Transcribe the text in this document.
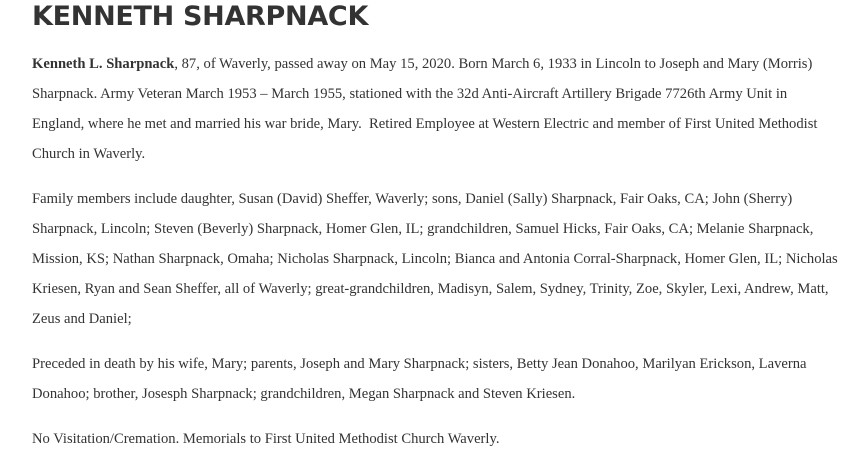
KENNETH SHARPNACK

Kenneth L. Sharpnack, 87, of Waverly, passed away on May 15, 2020. Born March 6, 1933 in Lincoln to Joseph and Mary (Morris) Sharpnack. Army Veteran March 1953 – March 1955, stationed with the 32d Anti-Aircraft Artillery Brigade 7726th Army Unit in England, where he met and married his war bride, Mary.  Retired Employee at Western Electric and member of First United Methodist Church in Waverly.

Family members include daughter, Susan (David) Sheffer, Waverly; sons, Daniel (Sally) Sharpnack, Fair Oaks, CA; John (Sherry) Sharpnack, Lincoln; Steven (Beverly) Sharpnack, Homer Glen, IL; grandchildren, Samuel Hicks, Fair Oaks, CA; Melanie Sharpnack, Mission, KS; Nathan Sharpnack, Omaha; Nicholas Sharpnack, Lincoln; Bianca and Antonia Corral-Sharpnack, Homer Glen, IL; Nicholas Kriesen, Ryan and Sean Sheffer, all of Waverly; great-grandchildren, Madisyn, Salem, Sydney, Trinity, Zoe, Skyler, Lexi, Andrew, Matt, Zeus and Daniel;

Preceded in death by his wife, Mary; parents, Joseph and Mary Sharpnack; sisters, Betty Jean Donahoo, Marilyan Erickson, Laverna Donahoo; brother, Josesph Sharpnack; grandchildren, Megan Sharpnack and Steven Kriesen.

No Visitation/Cremation. Memorials to First United Methodist Church Waverly.
